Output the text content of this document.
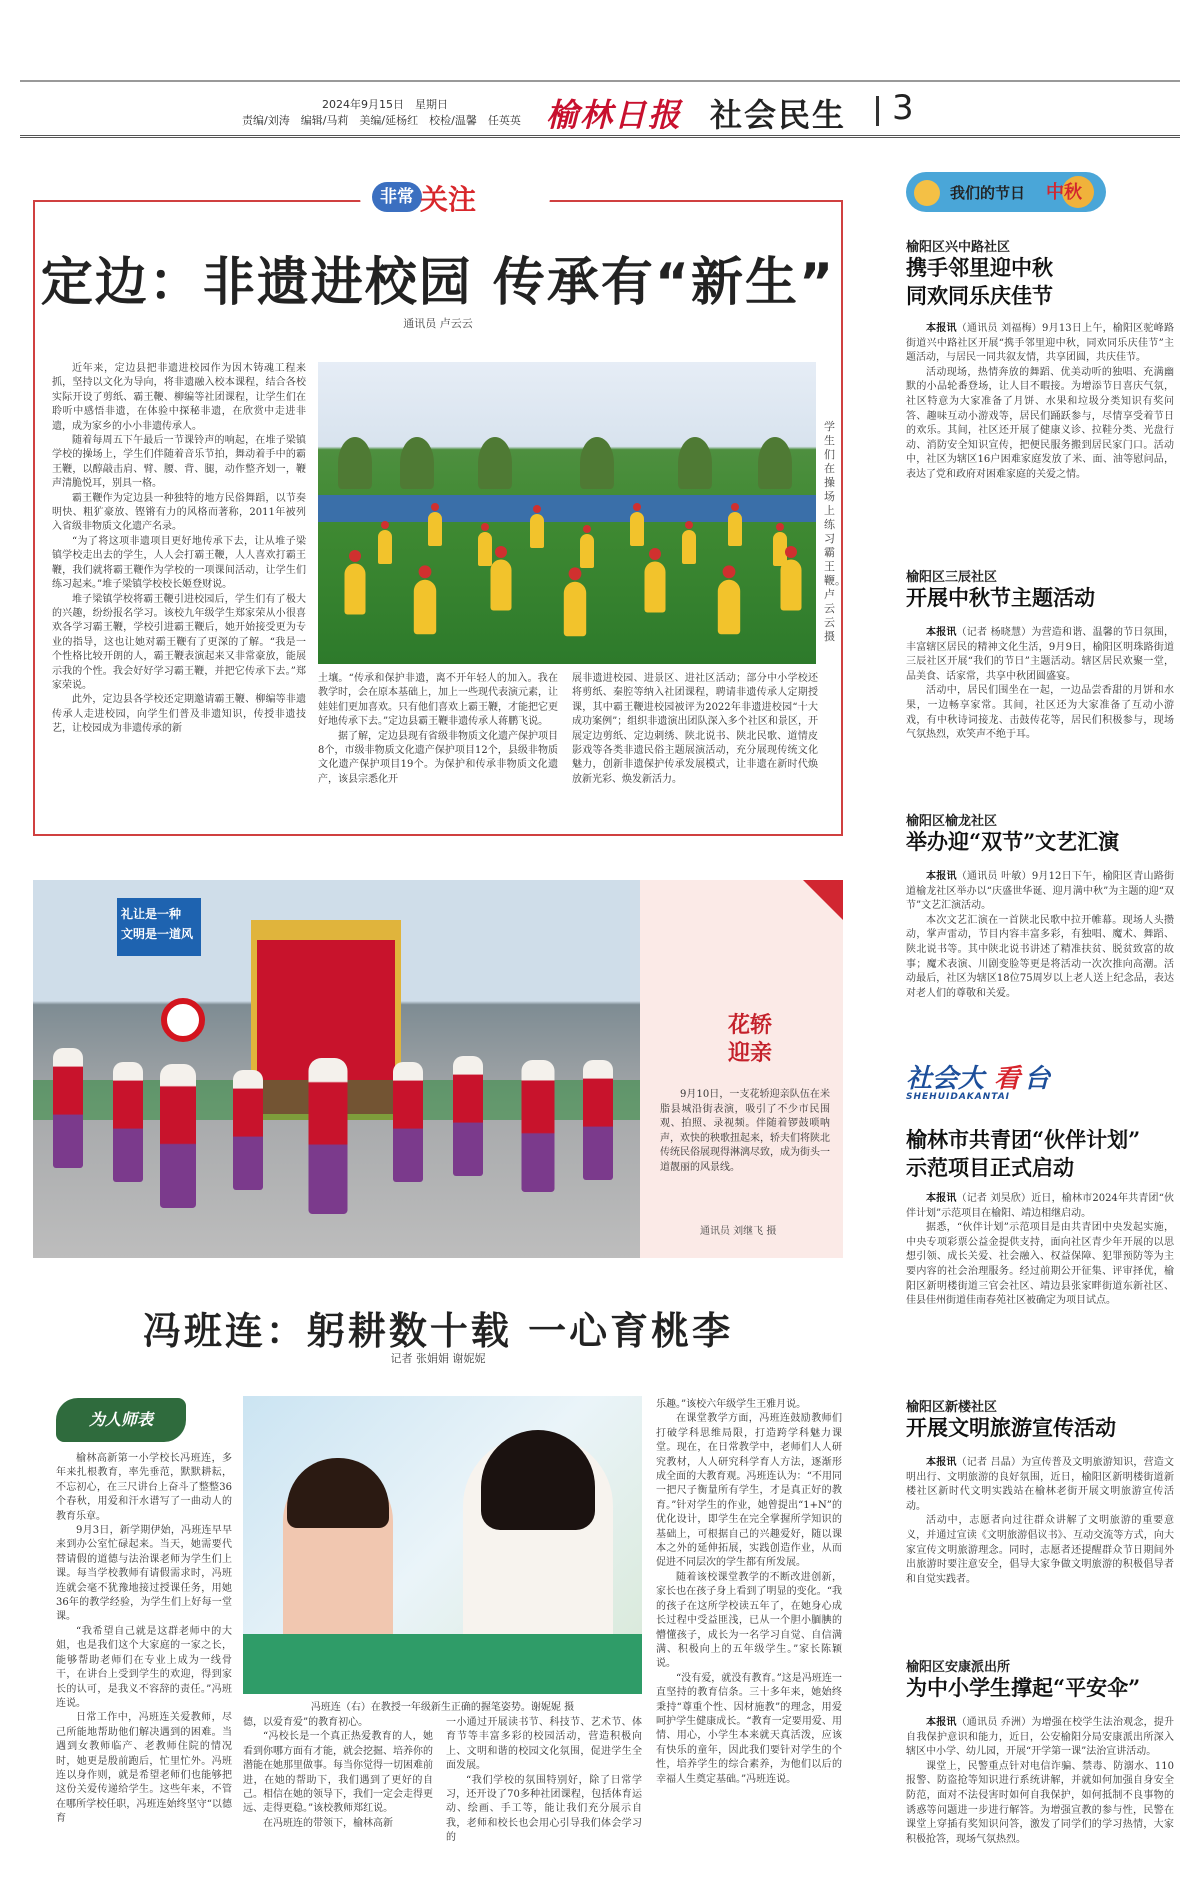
2024年9月15日　星期日
责编/刘涛　编辑/马莉　美编/延杨红　校检/温馨　任英英 榆林日报 社会民生 3
非常 关注
定边：非遗进校园 传承有“新生”
通讯员 卢云云

近年来，定边县把非遗进校园作为因木铸魂工程来抓，坚持以文化为导向，将非遗融入校本课程，结合各校实际开设了剪纸、霸王鞭、柳编等社团课程，让学生们在聆听中感悟非遗，在体验中探秘非遗，在欣赏中走进非遗，成为家乡的小小非遗传承人。

随着每周五下午最后一节课铃声的响起，在堆子梁镇学校的操场上，学生们伴随着音乐节拍，舞动着手中的霸王鞭，以醇敲击肩、臂、腰、背、腿，动作整齐划一，鞭声清脆悦耳，别具一格。

霸王鞭作为定边县一种独特的地方民俗舞蹈，以节奏明快、粗犷豪放、铿锵有力的风格而著称，2011年被列入省级非物质文化遗产名录。

“为了将这项非遗项目更好地传承下去，让从堆子梁镇学校走出去的学生，人人会打霸王鞭，人人喜欢打霸王鞭，我们就将霸王鞭作为学校的一项课间活动，让学生们练习起来。”堆子梁镇学校校长姬登财说。

堆子梁镇学校将霸王鞭引进校园后，学生们有了极大的兴趣，纷纷报名学习。该校九年级学生郑家荣从小很喜欢各学习霸王鞭，学校引进霸王鞭后，她开始接受更为专业的指导，这也让她对霸王鞭有了更深的了解。“我是一个性格比较开朗的人，霸王鞭表演起来又非常豪放，能展示我的个性。我会好好学习霸王鞭，并把它传承下去。”郑家荣说。

此外，定边县各学校还定期邀请霸王鞭、柳编等非遗传承人走进校园，向学生们普及非遗知识，传授非遗技艺，让校园成为非遗传承的新

学生们在操场上练习霸王鞭。卢云云 摄

土壤。“传承和保护非遗，离不开年轻人的加入。我在教学时，会在原本基础上，加上一些现代表演元素，让娃娃们更加喜欢。只有他们喜欢上霸王鞭，才能把它更好地传承下去。”定边县霸王鞭非遗传承人蒋鹏飞说。

据了解，定边县现有省级非物质文化遗产保护项目8个，市级非物质文化遗产保护项目12个，县级非物质文化遗产保护项目19个。为保护和传承非物质文化遗产，该县宗悉化开

展非遗进校园、进景区、进社区活动；部分中小学校还将剪纸、秦腔等纳入社团课程，聘请非遗传承人定期授课，其中霸王鞭进校园被评为2022年非遗进校园“十大成功案例”；组织非遗演出团队深入多个社区和景区，开展定边剪纸、定边刺绣、陕北说书、陕北民歌、道情皮影戏等各类非遗民俗主题展演活动，充分展现传统文化魅力，创新非遗保护传承发展模式，让非遗在新时代焕放新光彩、焕发新活力。

礼让是一种
文明是一道风
花轿
迎亲

9月10日，一支花轿迎亲队伍在米脂县城沿街表演，吸引了不少市民围观、拍照、录视频。伴随着锣鼓唢呐声，欢快的秧歌扭起来，轿夫们将陕北传统民俗展现得淋漓尽致，成为街头一道靓丽的风景线。

通讯员 刘继飞 摄
冯班连：躬耕数十载 一心育桃李
记者 张娟娟 谢妮妮
为人师表

榆林高新第一小学校长冯班连，多年来扎根教育，率先垂范，默默耕耘，不忘初心，在三尺讲台上奋斗了整整36个春秋，用爱和汗水谱写了一曲动人的教育乐章。

9月3日，新学期伊始，冯班连早早来到办公室忙碌起来。当天，她需要代替请假的道德与法治课老师为学生们上课。每当学校教师有请假需求时，冯班连就会毫不犹豫地接过授课任务，用她36年的教学经验，为学生们上好每一堂课。

“我希望自己就是这群老师中的大姐，也是我们这个大家庭的一家之长，能够帮助老师们在专业上成为一线骨干，在讲台上受到学生的欢迎，得到家长的认可，是我义不容辞的责任。”冯班连说。

日常工作中，冯班连关爱教师，尽己所能地帮助他们解决遇到的困难。当遇到女教师临产、老教师住院的情况时，她更是殷前跑后，忙里忙外。冯班连以身作则，就是希望老师们也能够把这份关爱传递给学生。这些年来，不管在哪所学校任职，冯班连始终坚守“以德育

冯班连（右）在教授一年级新生正确的握笔姿势。谢妮妮 摄

德，以爱育爱”的教育初心。

“冯校长是一个真正热爱教育的人，她看到你哪方面有才能，就会挖掘、培养你的潜能在她那里做事。每当你觉得一切困难前进，在她的帮助下，我们遇到了更好的自己。相信在她的领导下，我们一定会走得更远、走得更稳。”该校教师郑红说。

在冯班连的带领下，榆林高新

一小通过开展读书节、科技节、艺术节、体育节等丰富多彩的校园活动，营造积极向上、文明和谐的校园文化氛围，促进学生全面发展。

“我们学校的氛围特别好，除了日常学习，还开设了70多种社团课程，包括体育运动、绘画、手工等，能让我们充分展示自我，老师和校长也会用心引导我们体会学习的

乐趣。”该校六年级学生王雅月说。

在课堂教学方面，冯班连鼓励教师们打破学科思维局限，打造跨学科魅力课堂。现在，在日常教学中，老师们人人研究教材，人人研究科学育人方法，逐渐形成全面的大教育观。冯班连认为：“不用同一把尺子衡量所有学生，才是真正好的教育。”针对学生的作业，她曾提出“1+N”的优化设计，即学生在完全掌握所学知识的基础上，可根据自己的兴趣爱好，随以课本之外的延伸拓展，实践创造作业，从而促进不同层次的学生都有所发展。

随着该校课堂教学的不断改进创新，家长也在孩子身上看到了明显的变化。“我的孩子在这所学校读五年了，在她身心成长过程中受益匪浅，已从一个胆小腼腆的懵懂孩子，成长为一名学习自觉、自信满满、积极向上的五年级学生。”家长陈颖说。

“没有爱，就没有教育。”这是冯班连一直坚持的教育信条。三十多年来，她始终秉持“尊重个性、因材施教”的理念，用爱呵护学生健康成长。“教育一定要用爱、用情、用心，小学生本来就天真活泼，应该有快乐的童年，因此我们要针对学生的个性，培养学生的综合素养，为他们以后的幸福人生奠定基础。”冯班连说。

我们的节日 中秋
榆阳区兴中路社区
携手邻里迎中秋
同欢同乐庆佳节

本报讯（通讯员 刘福梅）9月13日上午，榆阳区驼峰路街道兴中路社区开展“携手邻里迎中秋，同欢同乐庆佳节”主题活动，与居民一同共叙友情，共享团圆，共庆佳节。

活动现场，热情奔放的舞蹈、优美动听的独唱、充满幽默的小品轮番登场，让人目不暇接。为增添节日喜庆气氛，社区特意为大家准备了月饼、水果和垃圾分类知识有奖问答、趣味互动小游戏等，居民们踊跃参与，尽情享受着节日的欢乐。其间，社区还开展了健康义诊、拉鞋分类、光盘行动、消防安全知识宣传，把便民服务搬到居民家门口。活动中，社区为辖区16户困难家庭发放了米、面、油等慰问品，表达了党和政府对困难家庭的关爱之情。

榆阳区三辰社区
开展中秋节主题活动

本报讯（记者 杨晓慧）为营造和谐、温馨的节日氛围，丰富辖区居民的精神文化生活，9月9日，榆阳区明珠路街道三辰社区开展“我们的节日”主题活动。辖区居民欢聚一堂，品美食、话家常，共享中秋团圆盛宴。

活动中，居民们围坐在一起，一边品尝香甜的月饼和水果，一边畅享家常。其间，社区还为大家准备了互动小游戏，有中秋诗词接龙、击鼓传花等，居民们积极参与，现场气氛热烈，欢笑声不绝于耳。

榆阳区榆龙社区
举办迎“双节”文艺汇演

本报讯（通讯员 叶敏）9月12日下午，榆阳区青山路街道榆龙社区举办以“庆盛世华诞、迎月满中秋”为主题的迎“双节”文艺汇演活动。

本次文艺汇演在一首陕北民歌中拉开帷幕。现场人头攒动，掌声雷动，节目内容丰富多彩，有独唱、魔术、舞蹈、陕北说书等。其中陕北说书讲述了精准扶贫、脱贫致富的故事；魔术表演、川剧变脸等更是将活动一次次推向高潮。活动最后，社区为辖区18位75周岁以上老人送上纪念品，表达对老人们的尊敬和关爱。

社会大 看 台
SHEHUIDAKANTAI
榆林市共青团“伙伴计划”
示范项目正式启动

本报讯（记者 刘昊欣）近日，榆林市2024年共青团“伙伴计划”示范项目在榆阳、靖边相继启动。

据悉，“伙伴计划”示范项目是由共青团中央发起实施，中央专项彩票公益金提供支持，面向社区青少年开展的以思想引领、成长关爱、社会融入、权益保障、犯罪预防等为主要内容的社会治理服务。经过前期公开征集、评审择优，榆阳区新明楼街道三官会社区、靖边县张家畔街道东新社区、佳县佳州街道佳南春苑社区被确定为项目试点。

榆阳区新楼社区
开展文明旅游宣传活动

本报讯（记者 吕晶）为宣传普及文明旅游知识，营造文明出行、文明旅游的良好氛围，近日，榆阳区新明楼街道新楼社区新时代文明实践站在榆林老街开展文明旅游宣传活动。

活动中，志愿者向过往群众讲解了文明旅游的重要意义，并通过宣读《文明旅游倡议书》、互动交流等方式，向大家宣传文明旅游理念。同时，志愿者还提醒群众节日期间外出旅游时要注意安全，倡导大家争做文明旅游的积极倡导者和自觉实践者。

榆阳区安康派出所
为中小学生撑起“平安伞”

本报讯（通讯员 乔洲）为增强在校学生法治观念，提升自我保护意识和能力，近日，公安榆阳分局安康派出所深入辖区中小学、幼儿园，开展“开学第一课”法治宣讲活动。

课堂上，民警重点针对电信诈骗、禁毒、防溺水、110报警、防盗抢等知识进行系统讲解，并就如何加强自身安全防范，面对不法侵害时如何自我保护，如何抵制不良事物的诱惑等问题进一步进行解答。为增强宣教的参与性，民警在课堂上穿插有奖知识问答，激发了同学们的学习热情，大家积极抢答，现场气氛热烈。
